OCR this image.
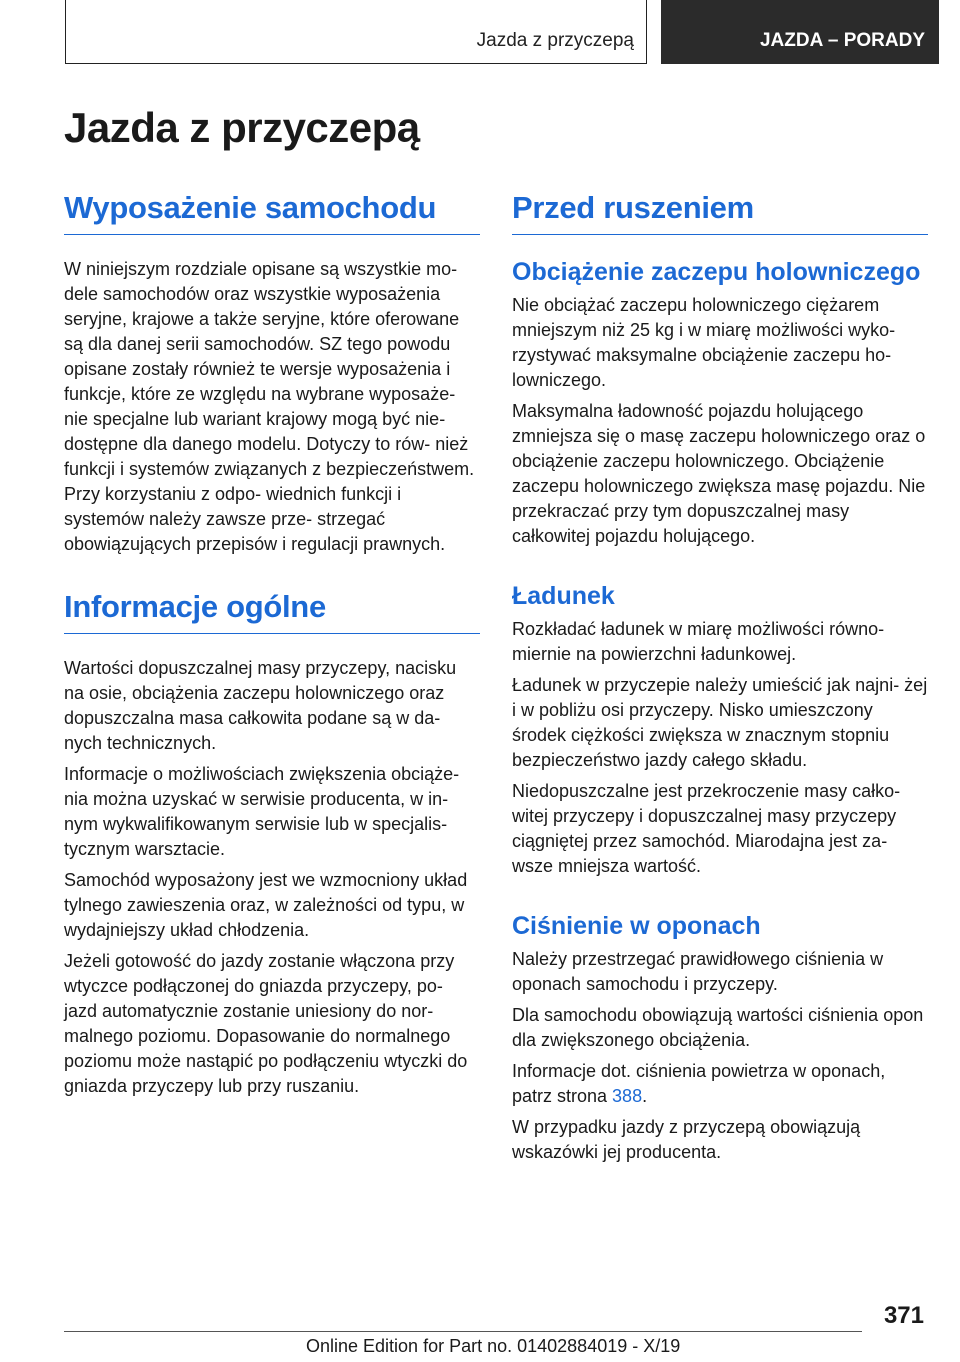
Jazda z przyczepą	JAZDA – PORADY
Jazda z przyczepą
Wyposażenie samochodu

W niniejszym rozdziale opisane są wszystkie mo- dele samochodów oraz wszystkie wyposażenia seryjne, krajowe a także seryjne, które oferowane są dla danej serii samochodów. SZ tego powodu opisane zostały również te wersje wyposażenia i funkcje, które ze względu na wybrane wyposaże- nie specjalne lub wariant krajowy mogą być nie- dostępne dla danego modelu. Dotyczy to rów- nież funkcji i systemów związanych z bezpieczeństwem. Przy korzystaniu z odpo- wiednich funkcji i systemów należy zawsze prze- strzegać obowiązujących przepisów i regulacji prawnych.

Informacje ogólne

Wartości dopuszczalnej masy przyczepy, nacisku na osie, obciążenia zaczepu holowniczego oraz dopuszczalna masa całkowita podane są w da- nych technicznych.

Informacje o możliwościach zwiększenia obciąże- nia można uzyskać w serwisie producenta, w in- nym wykwalifikowanym serwisie lub w specjalis- tycznym warsztacie.

Samochód wyposażony jest we wzmocniony układ tylnego zawieszenia oraz, w zależności od typu, w wydajniejszy układ chłodzenia.

Jeżeli gotowość do jazdy zostanie włączona przy wtyczce podłączonej do gniazda przyczepy, po- jazd automatycznie zostanie uniesiony do nor- malnego poziomu. Dopasowanie do normalnego poziomu może nastąpić po podłączeniu wtyczki do gniazda przyczepy lub przy ruszaniu.

Przed ruszeniem
Obciążenie zaczepu holowniczego

Nie obciążać zaczepu holowniczego ciężarem mniejszym niż 25 kg i w miarę możliwości wyko- rzystywać maksymalne obciążenie zaczepu ho- lowniczego.

Maksymalna ładowność pojazdu holującego zmniejsza się o masę zaczepu holowniczego oraz o obciążenie zaczepu holowniczego. Obciążenie zaczepu holowniczego zwiększa masę pojazdu. Nie przekraczać przy tym dopuszczalnej masy całkowitej pojazdu holującego.

Ładunek

Rozkładać ładunek w miarę możliwości równo- miernie na powierzchni ładunkowej.

Ładunek w przyczepie należy umieścić jak najni- żej i w pobliżu osi przyczepy. Nisko umieszczony środek ciężkości zwiększa w znacznym stopniu bezpieczeństwo jazdy całego składu.

Niedopuszczalne jest przekroczenie masy całko- witej przyczepy i dopuszczalnej masy przyczepy ciągniętej przez samochód. Miarodajna jest za- wsze mniejsza wartość.

Ciśnienie w oponach

Należy przestrzegać prawidłowego ciśnienia w oponach samochodu i przyczepy.

Dla samochodu obowiązują wartości ciśnienia opon dla zwiększonego obciążenia.

Informacje dot. ciśnienia powietrza w oponach, patrz strona 388.

W przypadku jazdy z przyczepą obowiązują wskazówki jej producenta.

371
Online Edition for Part no. 01402884019 - X/19
